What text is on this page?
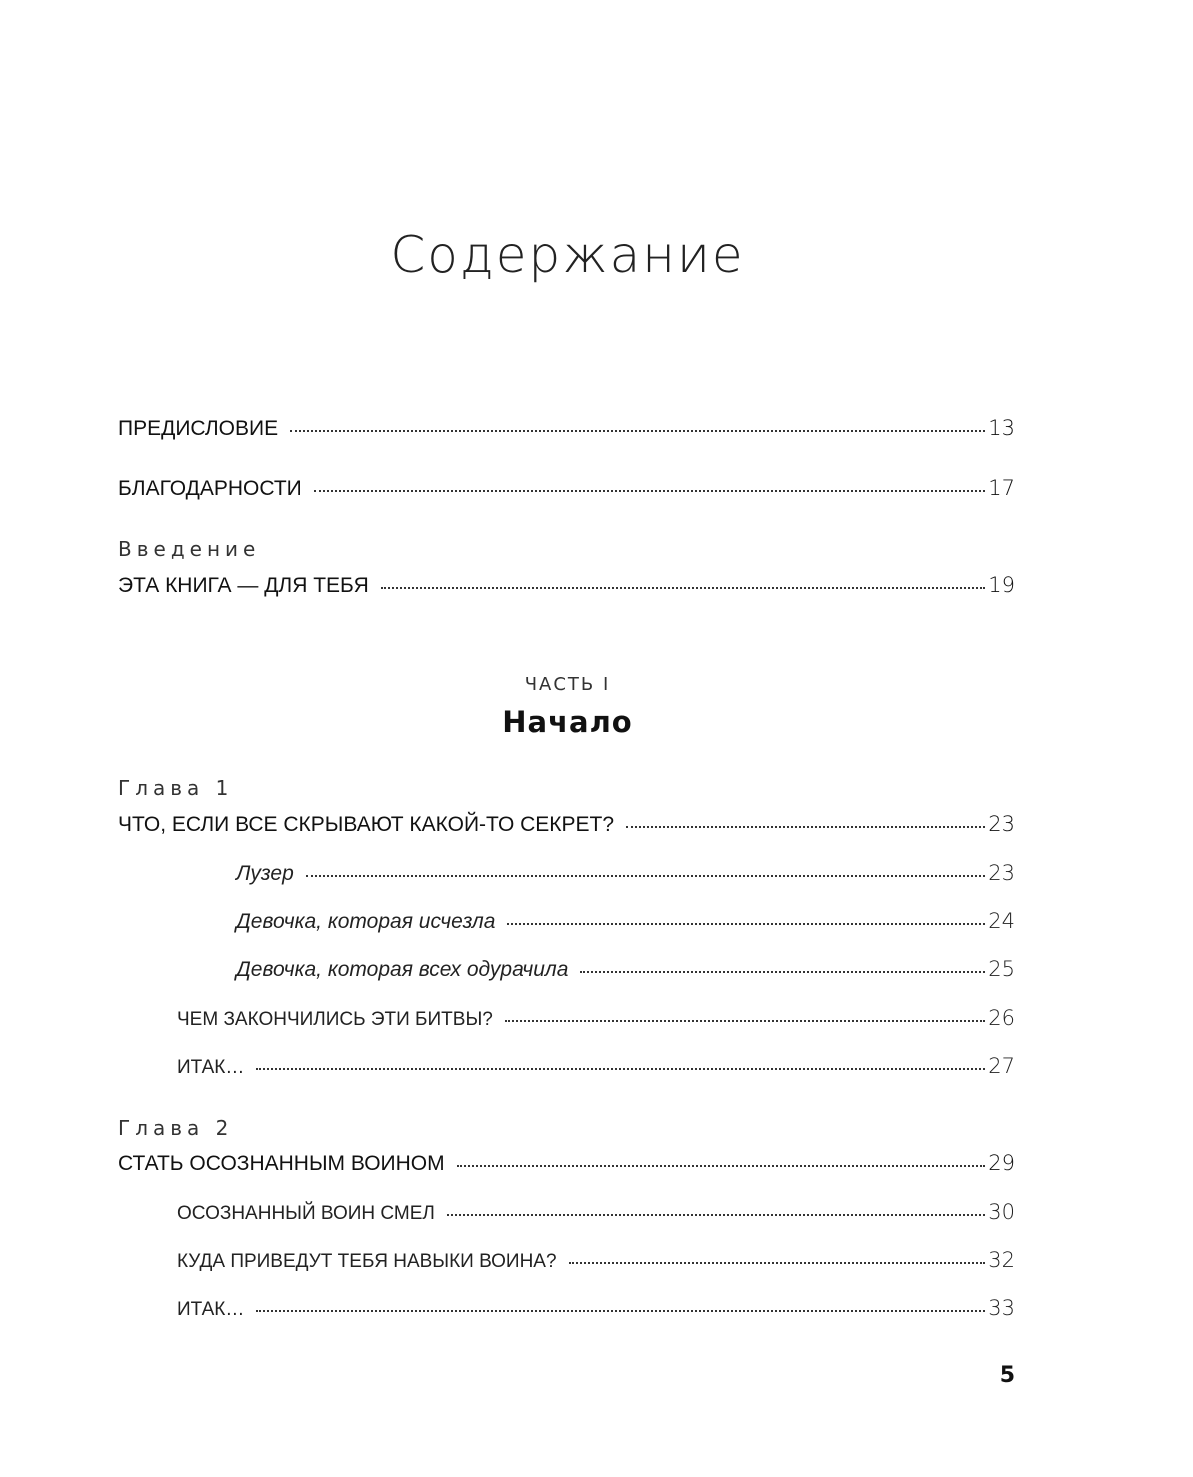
Содержание
ПРЕДИСЛОВИЕ	13
БЛАГОДАРНОСТИ	17
Введение
ЭТА КНИГА — ДЛЯ ТЕБЯ	19
ЧАСТЬ I
Начало
Глава 1
ЧТО, ЕСЛИ ВСЕ СКРЫВАЮТ КАКОЙ-ТО СЕКРЕТ?	23
Лузер	23
Девочка, которая исчезла	24
Девочка, которая всех одурачила	25
ЧЕМ ЗАКОНЧИЛИСЬ ЭТИ БИТВЫ?	26
ИТАК…	27
Глава 2
СТАТЬ ОСОЗНАННЫМ ВОИНОМ	29
ОСОЗНАННЫЙ ВОИН СМЕЛ	30
КУДА ПРИВЕДУТ ТЕБЯ НАВЫКИ ВОИНА?	32
ИТАК…	33
5
